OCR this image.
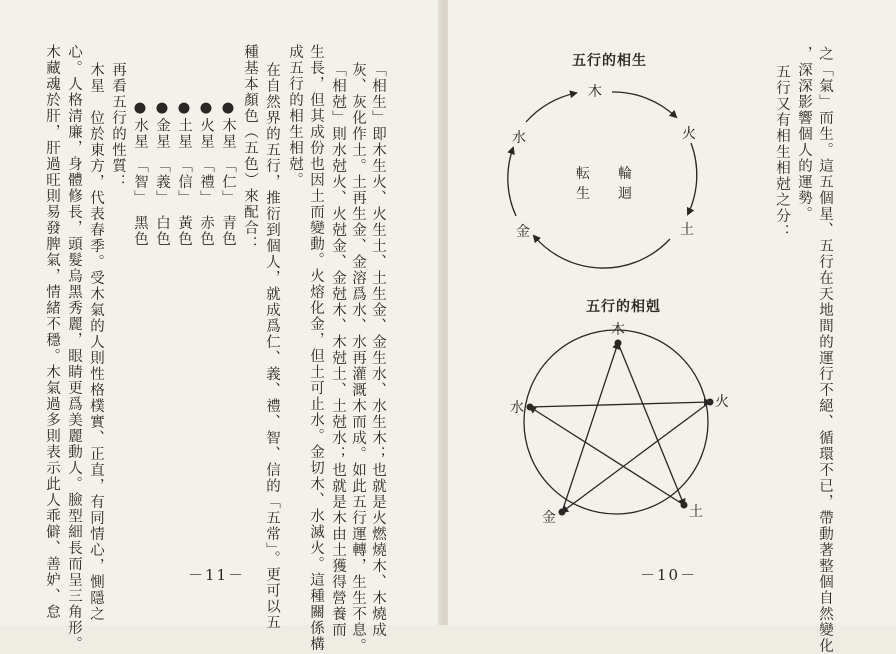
「相生」即木生火、火生土、土生金、金生水、水生木；也就是火燃燒木、木燒成
灰、灰化作土。土再生金、金溶爲水、水再灌溉木而成。如此五行運轉，生生不息。
「相尅」則水尅火、火尅金、金尅木、木尅土、土尅水；也就是木由土獲得營養而
生長，但其成份也因土而變動。火熔化金，但土可止水。金切木、水滅火。這種關係構
成五行的相生相尅。
在自然界的五行，推衍到個人，就成爲仁、義、禮、智、信的「五常」。更可以五
種基本顏色（五色）來配合：
●木星　「仁」　青色
●火星　「禮」　赤色
●土星　「信」　黃色
●金星　「義」　白色
●水星　「智」　黑色
再看五行的性質：
木星　位於東方，代表春季。受木氣的人則性格樸實、正直，有同情心，惻隱之
心。人格清廉，身體修長，頭髮烏黑秀麗，眼睛更爲美麗動人。臉型細長而呈三角形。
木藏魂於肝，肝過旺則易發脾氣，情緒不穩。木氣過多則表示此人乖僻、善妒、怠	－11－	之「氣」而生。這五個星、五行在天地間的運行不絕、循環不已，帶動著整個自然變化
，深深影響個人的運勢。
五行又有相生相尅之分：
五行的相生
五行的相剋
－10－
木
火
土
金
水
輪
迴
転
生
木
火
土
金
水
